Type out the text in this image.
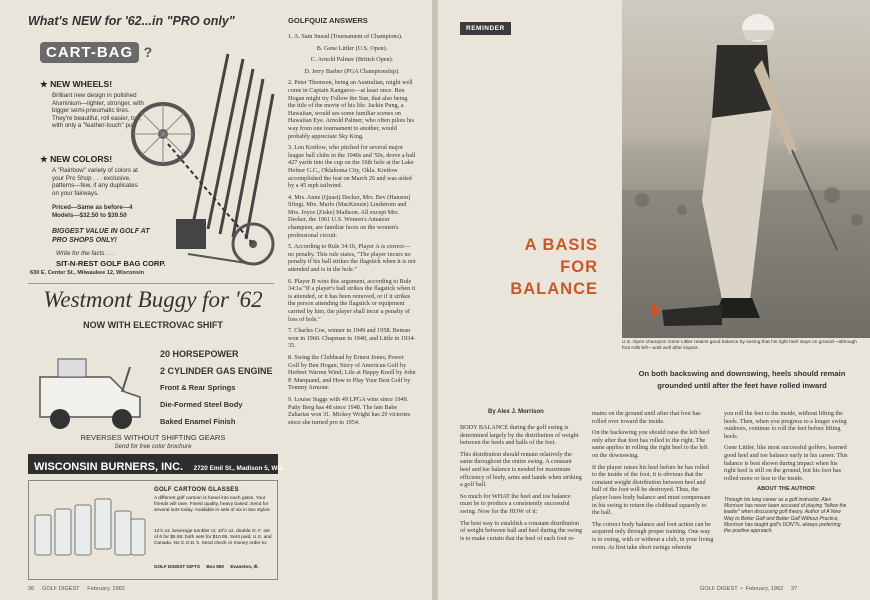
What's NEW for '62...in "PRO only"
CART-BAG ?
★ NEW WHEELS!
Brilliant new design in polished Aluminium—lighter, stronger, with bigger semi-pneumatic tires. They're beautiful, roll easier, too, with only a "feather-touch" pull.
★ NEW COLORS!
A "Rainbow" variety of colors at your Pro Shop . . . exclusive, patterns—few, if any duplicates on your fairways.
Priced—Same as before—4 Models—$32.50 to $39.50
BIGGEST VALUE IN GOLF AT PRO SHOPS ONLY!
Write for the facts . . .
SIT-N-REST GOLF BAG CORP.
630 E. Center St., Milwaukee 12, Wisconsin
Westmont Buggy for '62
NOW WITH ELECTROVAC SHIFT
20 HORSEPOWER
2 CYLINDER GAS ENGINE
Front & Rear Springs
Die-Formed Steel Body
Baked Enamel Finish
REVERSES WITHOUT SHIFTING GEARS
Send for free color brochure
WISCONSIN BURNERS, INC. 2720 Emil St., Madison 5, Wis.
GOLF CARTOON GLASSES
A different golf cartoon is fused into each glass. Your friends will rave. Finest quality, heavy based. Send for several sets today. Available in sets of six in two styles:
12½ oz. beverage tumbler or, 10½ oz. double O. F. set of 6 for $5.95; both sets for $10.95. Sent paid, U.S. and Canada. No C.O.D.'s. Send check or money order to:
GOLF DIGEST GIFTS     Box 550     Evanston, Ill.
GOLFQUIZ ANSWERS

1. A. Sam Snead (Tournament of Champions).

B. Gene Littler (U.S. Open).

C. Arnold Palmer (British Open).

D. Jerry Barber (PGA Championship).

2. Peter Thomson, being an Australian, might well come in Captain Kangaroo—at least once. Ben Hogan might try Follow the Sun, that also being the title of the movie of his life. Jackie Pung, a Hawaiian, would see some familiar scenes on Hawaiian Eye. Arnold Palmer, who often pilots his way from one tournament to another, would probably appreciate Sky King.

3. Lou Kretlow, who pitched for several major league ball clubs in the 1940s and '50s, drove a ball 427 yards into the cup on the 16th hole at the Lake Hefner G.C., Oklahoma City, Okla. Kretlow accomplished the feat on March 26 and was aided by a 45 mph tailwind.

4. Mrs. Anne (Quast) Decker, Mrs. Bev (Hanson) Sfingi, Mrs. Marlo (MacKenzie) Lindstrom and Mrs. Joyce (Ziske) Maihson. All except Mrs. Decker, the 1961 U.S. Women's Amateur champion, are familiar faces on the women's professional circuit.

5. According to Rule 34:1b, Player A is correct—no penalty. This rule states, "The player incurs no penalty if his ball strikes the flagstick when it is not attended and is in the hole."

6. Player B wins this argument, according to Rule 34:1a "If a player's ball strikes the flagstick when it is attended, or it has been removed, or if it strikes the person attending the flagstick or equipment carried by him, the player shall incur a penalty of loss of hole."

7. Charles Coe, winner in 1949 and 1958. Beman won in 1960. Chapman in 1940, and Little in 1934-35.

8. Swing the Clubhead by Ernest Jones; Power Golf by Ben Hogan; Story of American Golf by Herbert Warren Wind; Life at Happy Knoll by John P. Marquand, and How to Play Your Best Golf by Tommy Armour.

9. Louise Suggs with 49 LPGA wins since 1949. Patty Berg has 48 since 1948. The late Babe Zaharias won 31. Mickey Wright has 29 victories since she turned pro in 1954.

36     GOLF DIGEST     February, 1962
REMINDER
A BASIS
FOR
BALANCE
U.S. Open champion Gene Littler retains good balance by seeing that his right heel stays on ground—although foot rolls left—until well after impact.
On both backswing and downswing, heels should remain grounded until after the feet have rolled inward
By Alex J. Morrison

BODY BALANCE during the golf swing is determined largely by the distribution of weight between the heels and balls of the feet.

This distribution should remain relatively the same throughout the entire swing. A constant heel and toe balance is needed for maximum efficiency of body, arms and hands when striking a golf ball.

So much for WHAT the heel and toe balance must be to produce a consistently successful swing. Now for the HOW of it:

The best way to establish a constant distribution of weight between ball and heel during the swing is to make certain that the heel of each foot re-

mains on the ground until after that foot has rolled over toward the inside.

On the backswing you should raise the left heel only after that foot has rolled to the right. The same applies in rolling the right heel to the left on the downswing.

If the player raises his heel before he has rolled to the inside of the foot, it is obvious that the constant weight distribution between heel and ball of the foot will be destroyed. Thus, the player loses body balance and must compensate in his swing to return the clubhead squarely to the ball.

The correct body balance and foot action can be acquired only through proper training. One way is to swing, with or without a club, in your living room. At first take short swings wherein

you roll the feet to the inside, without lifting the heels. Then, when you progress to a longer swing outdoors, continue to roll the feet before lifting heels.

Gene Littler, like most successful golfers, learned good heel and toe balance early in his career. This balance is best shown during impact when his right heel is still on the ground, but his foot has rolled more or less to the inside.

ABOUT THE AUTHOR
Through his long career as a golf instructor, Alex Morrison has never been accused of playing "follow the leader" when discussing golf theory. Author of A New Way to Better Golf and Better Golf Without Practice, Morrison has taught golf's DON'Ts, always preferring the positive approach.
GOLF DIGEST  •  February, 1962     37
